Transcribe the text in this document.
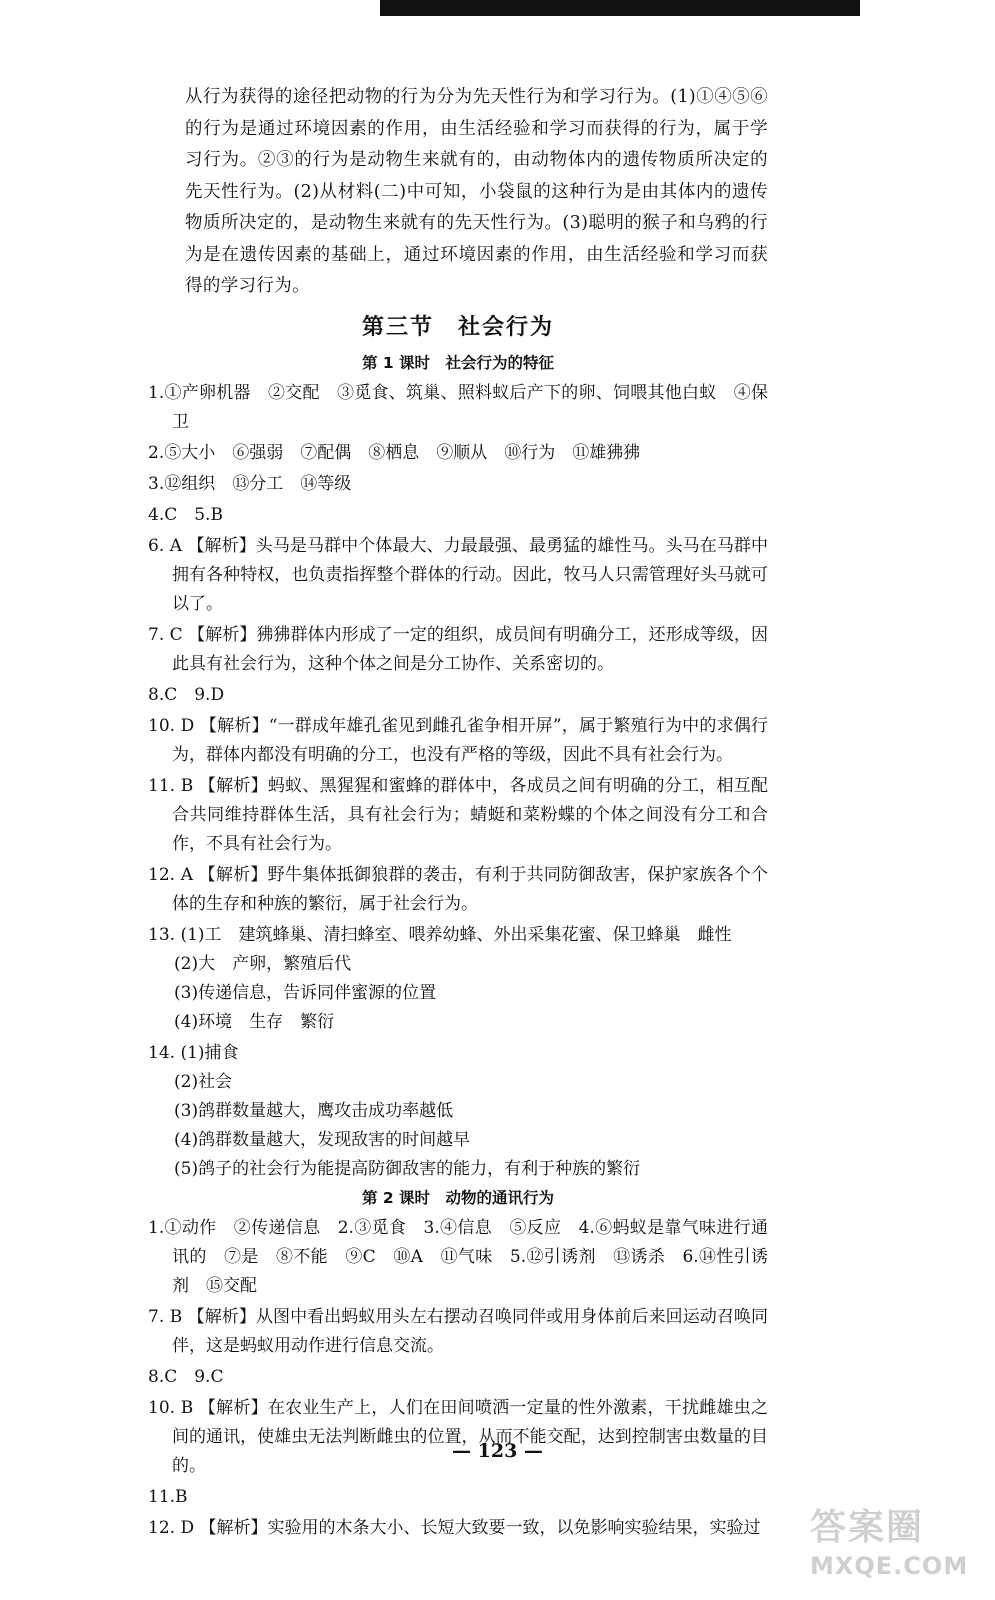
从行为获得的途径把动物的行为分为先天性行为和学习行为。(1)①④⑤⑥的行为是通过环境因素的作用，由生活经验和学习而获得的行为，属于学习行为。②③的行为是动物生来就有的，由动物体内的遗传物质所决定的先天性行为。(2)从材料(二)中可知，小袋鼠的这种行为是由其体内的遗传物质所决定的，是动物生来就有的先天性行为。(3)聪明的猴子和乌鸦的行为是在遗传因素的基础上，通过环境因素的作用，由生活经验和学习而获得的学习行为。

第三节　社会行为
第 1 课时　社会行为的特征

1.①产卵机器　②交配　③觅食、筑巢、照料蚁后产下的卵、饲喂其他白蚁　④保卫

2.⑤大小　⑥强弱　⑦配偶　⑧栖息　⑨顺从　⑩行为　⑪雄狒狒

3.⑫组织　⑬分工　⑭等级

4.C　5.B

6. A 【解析】头马是马群中个体最大、力最最强、最勇猛的雄性马。头马在马群中拥有各种特权，也负责指挥整个群体的行动。因此，牧马人只需管理好头马就可以了。

7. C 【解析】狒狒群体内形成了一定的组织，成员间有明确分工，还形成等级，因此具有社会行为，这种个体之间是分工协作、关系密切的。

8.C　9.D

10. D 【解析】“一群成年雄孔雀见到雌孔雀争相开屏”，属于繁殖行为中的求偶行为，群体内都没有明确的分工，也没有严格的等级，因此不具有社会行为。

11. B 【解析】蚂蚁、黑猩猩和蜜蜂的群体中，各成员之间有明确的分工，相互配合共同维持群体生活，具有社会行为；蜻蜓和菜粉蝶的个体之间没有分工和合作，不具有社会行为。

12. A 【解析】野牛集体抵御狼群的袭击，有利于共同防御敌害，保护家族各个个体的生存和种族的繁衍，属于社会行为。

13. (1)工　建筑蜂巢、清扫蜂室、喂养幼蜂、外出采集花蜜、保卫蜂巢　雌性

(2)大　产卵，繁殖后代

(3)传递信息，告诉同伴蜜源的位置

(4)环境　生存　繁衍

14. (1)捕食

(2)社会

(3)鸽群数量越大，鹰攻击成功率越低

(4)鸽群数量越大，发现敌害的时间越早

(5)鸽子的社会行为能提高防御敌害的能力，有利于种族的繁衍

第 2 课时　动物的通讯行为

1.①动作　②传递信息　2.③觅食　3.④信息　⑤反应　4.⑥蚂蚁是靠气味进行通讯的　⑦是　⑧不能　⑨C　⑩A　⑪气味　5.⑫引诱剂　⑬诱杀　6.⑭性引诱剂　⑮交配

7. B 【解析】从图中看出蚂蚁用头左右摆动召唤同伴或用身体前后来回运动召唤同伴，这是蚂蚁用动作进行信息交流。

8.C　9.C

10. B 【解析】在农业生产上，人们在田间喷洒一定量的性外激素，干扰雌雄虫之间的通讯，使雄虫无法判断雌虫的位置，从而不能交配，达到控制害虫数量的目的。

11.B

12. D 【解析】实验用的木条大小、长短大致要一致，以免影响实验结果，实验过

— 123 —
答案圈
MXQE.COM
